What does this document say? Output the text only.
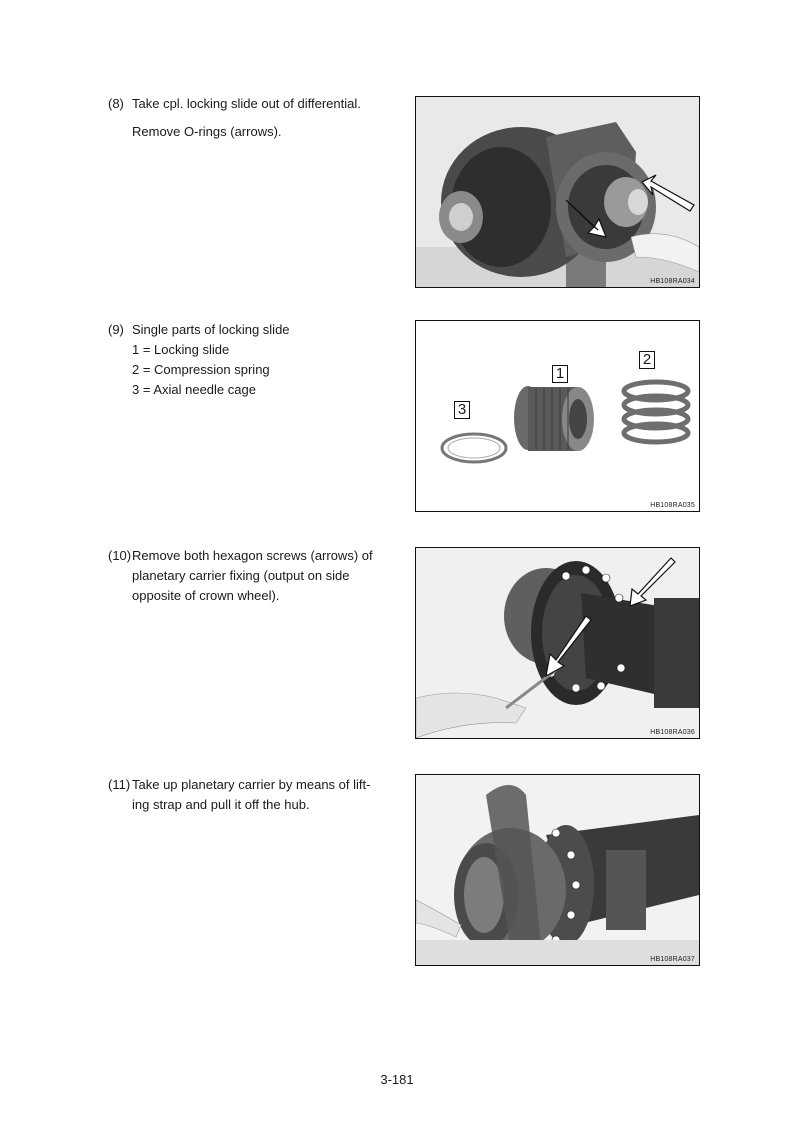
(8) Take cpl. locking slide out of differential.
Remove O-rings (arrows).
HB108RA034
(9) Single parts of locking slide
1 = Locking slide
2 = Compression spring
3 = Axial needle cage
1
2
3
HB108RA035
(10)Remove both hexagon screws (arrows) of
planetary carrier fixing (output on side
opposite of crown wheel).
HB108RA036
(11) Take up planetary carrier by means of lift-
ing strap and pull it off the hub.
HB108RA037
3-181
